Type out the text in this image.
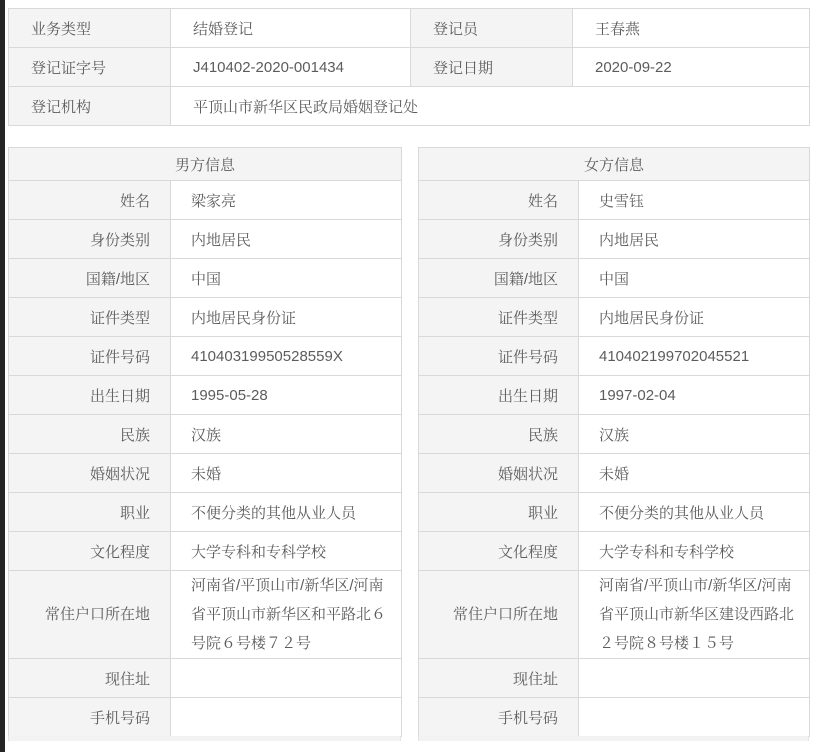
业务类型	结婚登记	登记员	王春燕
登记证字号	J410402-2020-001434	登记日期	2020-09-22
登记机构	平顶山市新华区民政局婚姻登记处		
男方信息	
姓名	梁家亮
身份类别	内地居民
国籍/地区	中国
证件类型	内地居民身份证
证件号码	41040319950528559X
出生日期	1995-05-28
民族	汉族
婚姻状况	未婚
职业	不便分类的其他从业人员
文化程度	大学专科和专科学校
常住户口所在地	河南省/平顶山市/新华区/河南省平顶山市新华区和平路北６号院６号楼７２号
现住址	
手机号码	
女方信息	
姓名	史雪钰
身份类别	内地居民
国籍/地区	中国
证件类型	内地居民身份证
证件号码	410402199702045521
出生日期	1997-02-04
民族	汉族
婚姻状况	未婚
职业	不便分类的其他从业人员
文化程度	大学专科和专科学校
常住户口所在地	河南省/平顶山市/新华区/河南省平顶山市新华区建设西路北２号院８号楼１５号
现住址	
手机号码	
